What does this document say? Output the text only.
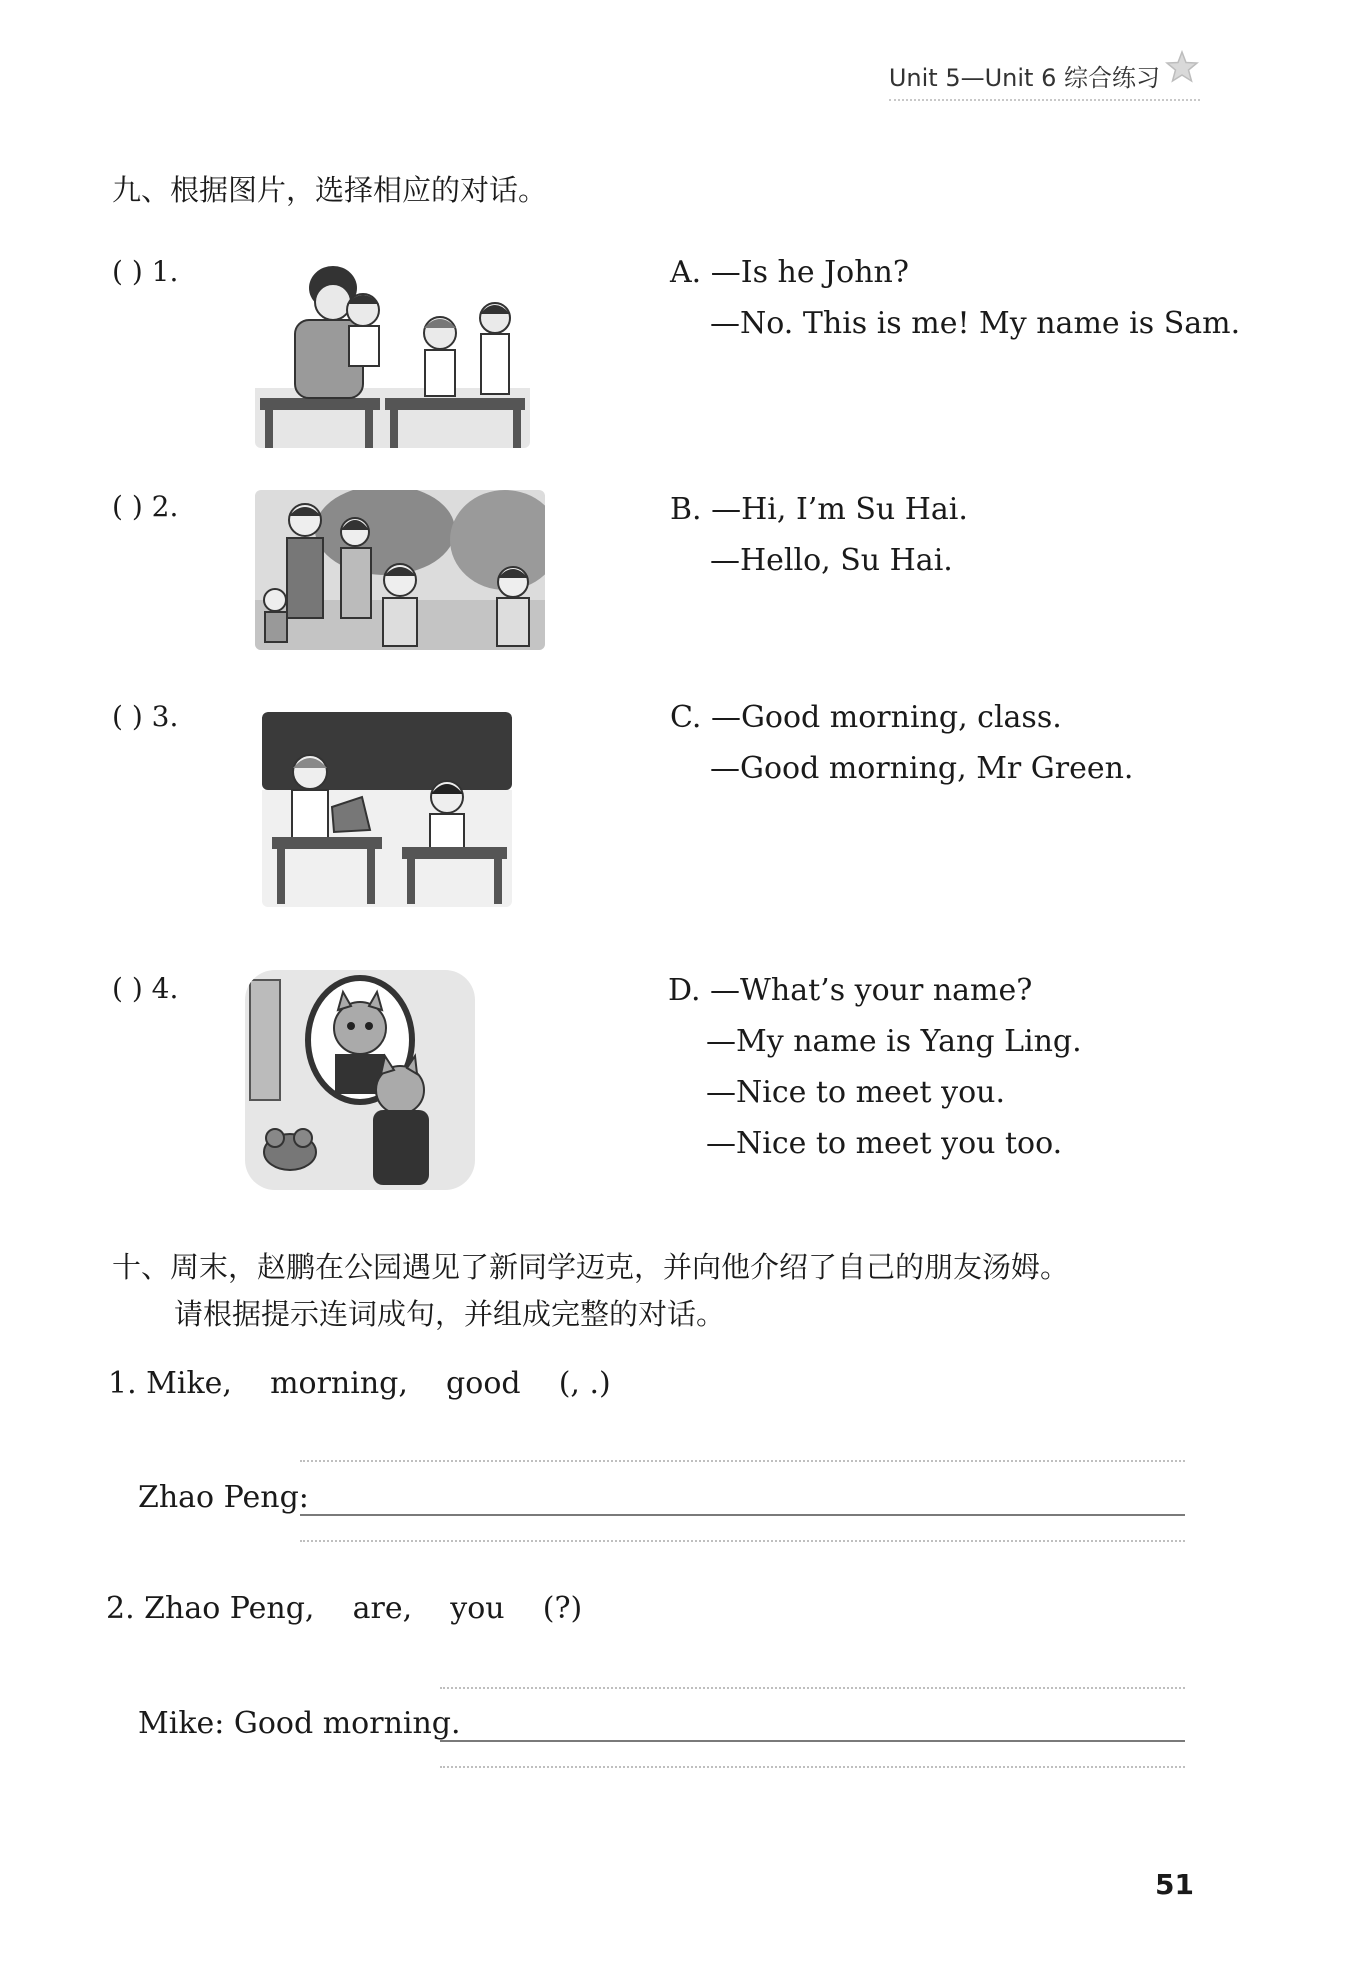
Unit 5—Unit 6 综合练习
九、根据图片，选择相应的对话。
( ) 1.
( ) 2.
( ) 3.
( ) 4.
A. —Is he John?
—No. This is me! My name is Sam.
B. —Hi, I’m Su Hai.
—Hello, Su Hai.
C. —Good morning, class.
—Good morning, Mr Green.
D. —What’s your name?
—My name is Yang Ling.
—Nice to meet you.
—Nice to meet you too.
十、周末，赵鹏在公园遇见了新同学迈克，并向他介绍了自己的朋友汤姆。
请根据提示连词成句，并组成完整的对话。
1. Mike,    morning,    good    (, .)
Zhao Peng:
2. Zhao Peng,    are,    you    (?)
Mike: Good morning.
51
